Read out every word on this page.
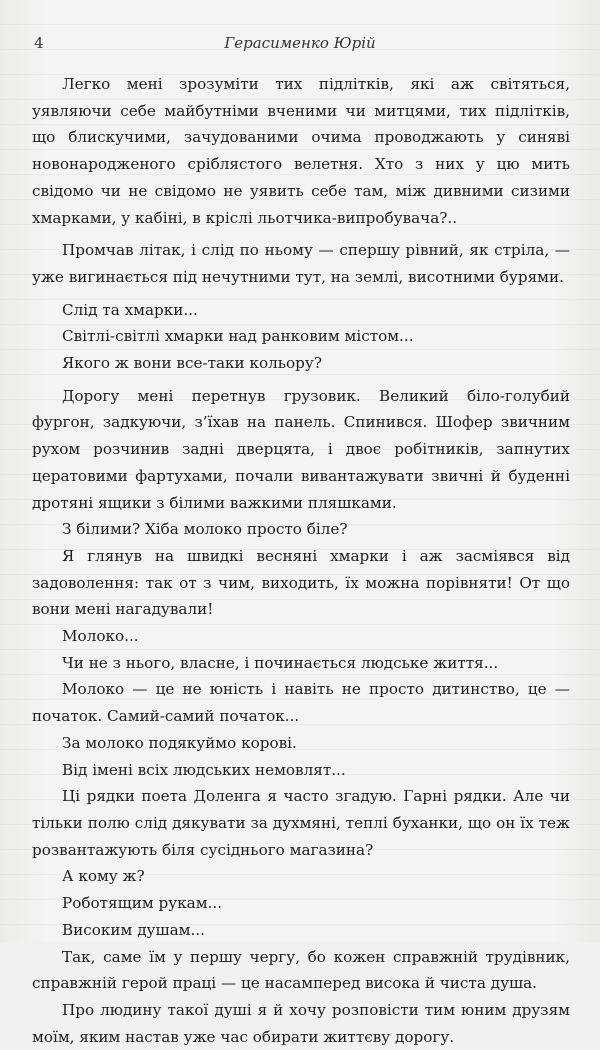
4	Герасименко Юрій

Легко мені зрозуміти тих підлітків, які аж світяться, уявляючи себе майбутніми вченими чи митцями, тих підлітків, що блискучими, зачудованими очима проводжають у синяві новонародженого сріблястого велетня. Хто з них у цю мить свідомо чи не свідомо не уявить себе там, між дивними сизими хмарками, у кабіні, в кріслі льотчика-випробувача?..

Промчав літак, і слід по ньому — спершу рівний, як стріла, — уже вигинається під нечутними тут, на землі, висотними бурями.

Слід та хмарки...

Світлі-світлі хмарки над ранковим містом...

Якого ж вони все-таки кольору?

Дорогу мені перетнув грузовик. Великий біло-голубий фургон, задкуючи, з’їхав на панель. Спинився. Шофер звичним рухом розчинив задні дверцята, і двоє робітників, запнутих цератовими фартухами, почали вивантажувати звичні й буденні дротяні ящики з білими важкими пляшками.

З білими? Хіба молоко просто біле?

Я глянув на швидкі весняні хмарки і аж засміявся від задоволення: так от з чим, виходить, їх можна порівняти! От що вони мені нагадували!

Молоко...

Чи не з нього, власне, і починається людське життя...

Молоко — це не юність і навіть не просто дитинство, це — початок. Самий-самий початок...

За молоко подякуймо корові.

Від імені всіх людських немовлят...

Ці рядки поета Доленга я часто згадую. Гарні рядки. Але чи тільки полю слід дякувати за духмяні, теплі буханки, що он їх теж розвантажують біля сусіднього магазина?

А кому ж?

Роботящим рукам...

Високим душам...

Так, саме їм у першу чергу, бо кожен справжній трудівник, справжній герой праці — це насамперед висока й чиста душа.

Про людину такої душі я й хочу розповісти тим юним друзям моїм, яким настав уже час обирати життєву дорогу.
